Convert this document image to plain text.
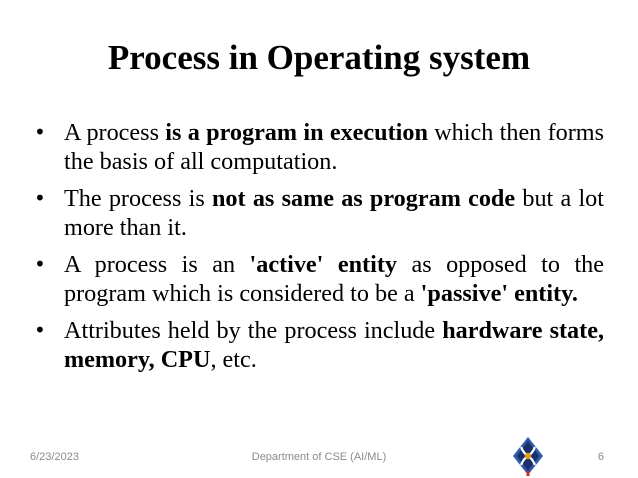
Process in Operating system
• A process is a program in execution which then forms the basis of all computation.
• The process is not as same as program code but a lot more than it.
• A process is an 'active' entity as opposed to the program which is considered to be a 'passive' entity.
• Attributes held by the process include hardware state, memory, CPU, etc.
6/23/2023	Department of CSE (AI/ML)	6
